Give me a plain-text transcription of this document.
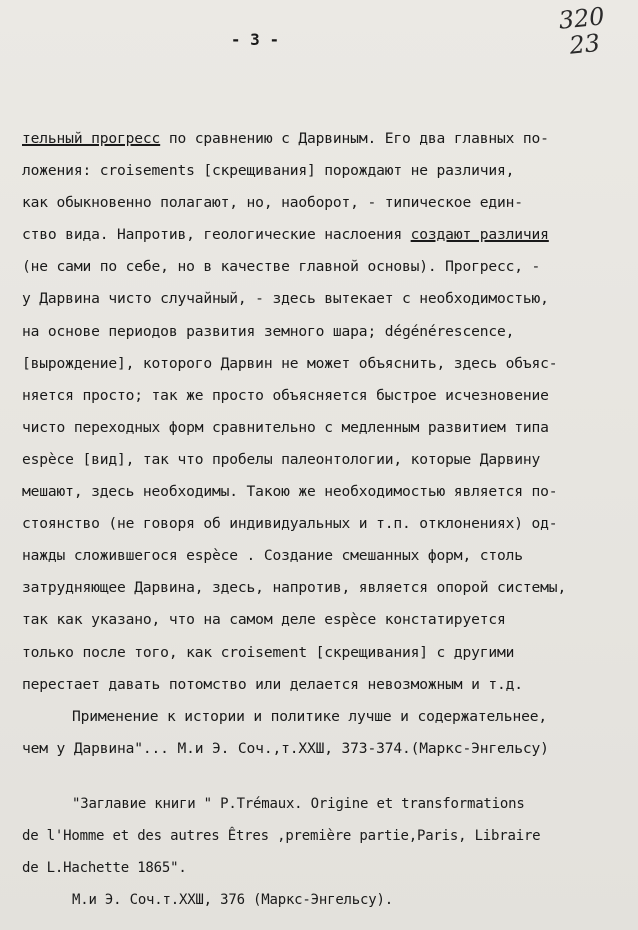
- 3 -
320
23
тельный прогресс по сравнению с Дарвиным. Его два главных по-
ложения: croisements [скрещивания] порождают не различия,
как обыкновенно полагают, но, наоборот, - типическое един-
ство вида. Напротив, геологические наслоения создают различия
(не сами по себе, но в качестве главной основы). Прогресс, -
у Дарвина чисто случайный, - здесь вытекает с необходимостью,
на основе периодов развития земного шара; dégénérescence,
[вырождение], которого Дарвин не может объяснить, здесь объяс-
няется просто; так же просто объясняется быстрое исчезновение
чисто переходных форм сравнительно с медленным развитием типа
espèce [вид], так что пробелы палеонтологии, которые Дарвину
мешают, здесь необходимы. Такою же необходимостью является по-
стоянство (не говоря об индивидуальных и т.п. отклонениях) од-
нажды сложившегося espèce . Создание смешанных форм, столь
затрудняющее Дарвина, здесь, напротив, является опорой системы,
так как указано, что на самом деле espèce констатируется
только после того, как croisement [скрещивания] с другими
перестает давать потомство или делается невозможным и т.д.
Применение к истории и политике лучше и содержательнее,
чем у Дарвина"... М.и Э. Соч.,т.XXШ, 373-374.(Маркс-Энгельсу)
"Заглавие книги " P.Trémaux. Origine et transformations
de l'Homme et des autres Êtres ,première partie,Paris, Libraire
de L.Hachette 1865".
М.и Э. Соч.т.XXШ, 376 (Маркс-Энгельсу).
